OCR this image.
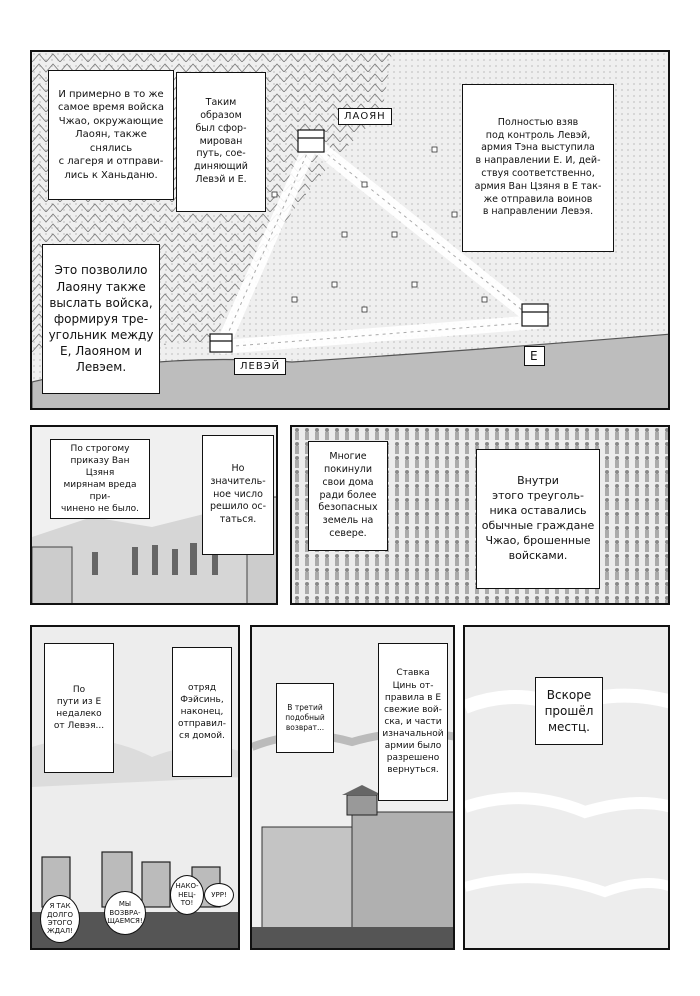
ЛАОЯН
ЛЕВЭЙ
Е
И примерно в то же
самое время войска
Чжао, окружающие
Лаоян, также снялись
с лагеря и отправи-
лись к Ханьданю.
Таким
образом
был сфор-
мирован
путь, сое-
диняющий
Левэй и Е.
Полностью взяв
под контроль Левэй,
армия Тэна выступила
в направлении Е. И, дей-
ствуя соответственно,
армия Ван Цзяня в Е так-
же отправила воинов
в направлении Левэя.
Это позволило
Лаояну также
выслать войска,
формируя тре-
угольник между
Е, Лаояном и
Левэем.
По строгому
приказу Ван Цзяня
мирянам вреда при-
чинено не было.
Но
значитель-
ное число
решило ос-
таться.
Многие
покинули
свои дома
ради более
безопасных
земель на
севере.
Внутри
этого треуголь-
ника оставались
обычные граждане
Чжао, брошенные
войсками.
По
пути из Е
недалеко
от Левэя...
отряд
Фэйсинь,
наконец,
отправил-
ся домой.
Я ТАК
ДОЛГО
ЭТОГО
ЖДАЛ!
МЫ
ВОЗВРА-
ЩАЕМСЯ!
НАКО-
НЕЦ-
ТО!
УРР!
В третий
подобный
возврат...
Ставка
Цинь от-
правила в Е
свежие вой-
ска, и части
изначальной
армии было
разрешено
вернуться.
Вскоре
прошёл
местц.
